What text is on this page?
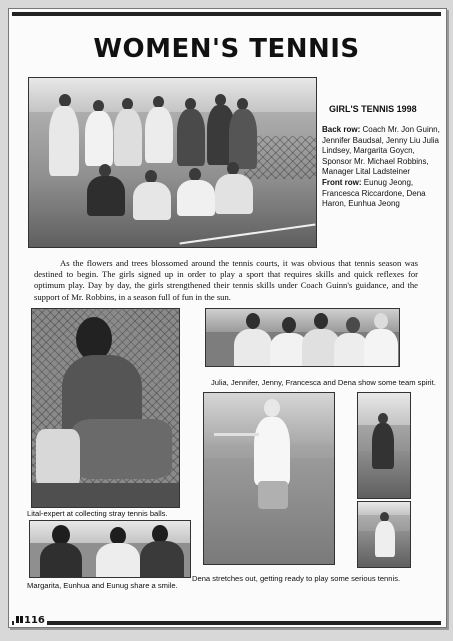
WOMEN'S TENNIS
GIRL'S TENNIS 1998
Back row: Coach Mr. Jon Guinn, Jennifer Baudsal, Jenny Liu Julia Lindsey, Margarita Goycn, Sponsor Mr. Michael Robbins, Manager Lital Ladsteiner
Front row: Eunug Jeong, Francesca Riccardone, Dena Haron, Eunhua Jeong
As the flowers and trees blossomed around the tennis courts, it was obvious that tennis season was destined to begin. The girls signed up in order to play a sport that requires skills and quick reflexes for optimum play. Day by day, the girls strengthened their tennis skills under Coach Guinn's guidance, and the support of Mr. Robbins, in a season full of fun in the sun.
Lital-expert at collecting stray tennis balls.
Julia, Jennifer, Jenny, Francesca and Dena show some team spirit.
Dena stretches out, getting ready to play some serious tennis.
Margarita, Eunhua and Eunug share a smile.
116
